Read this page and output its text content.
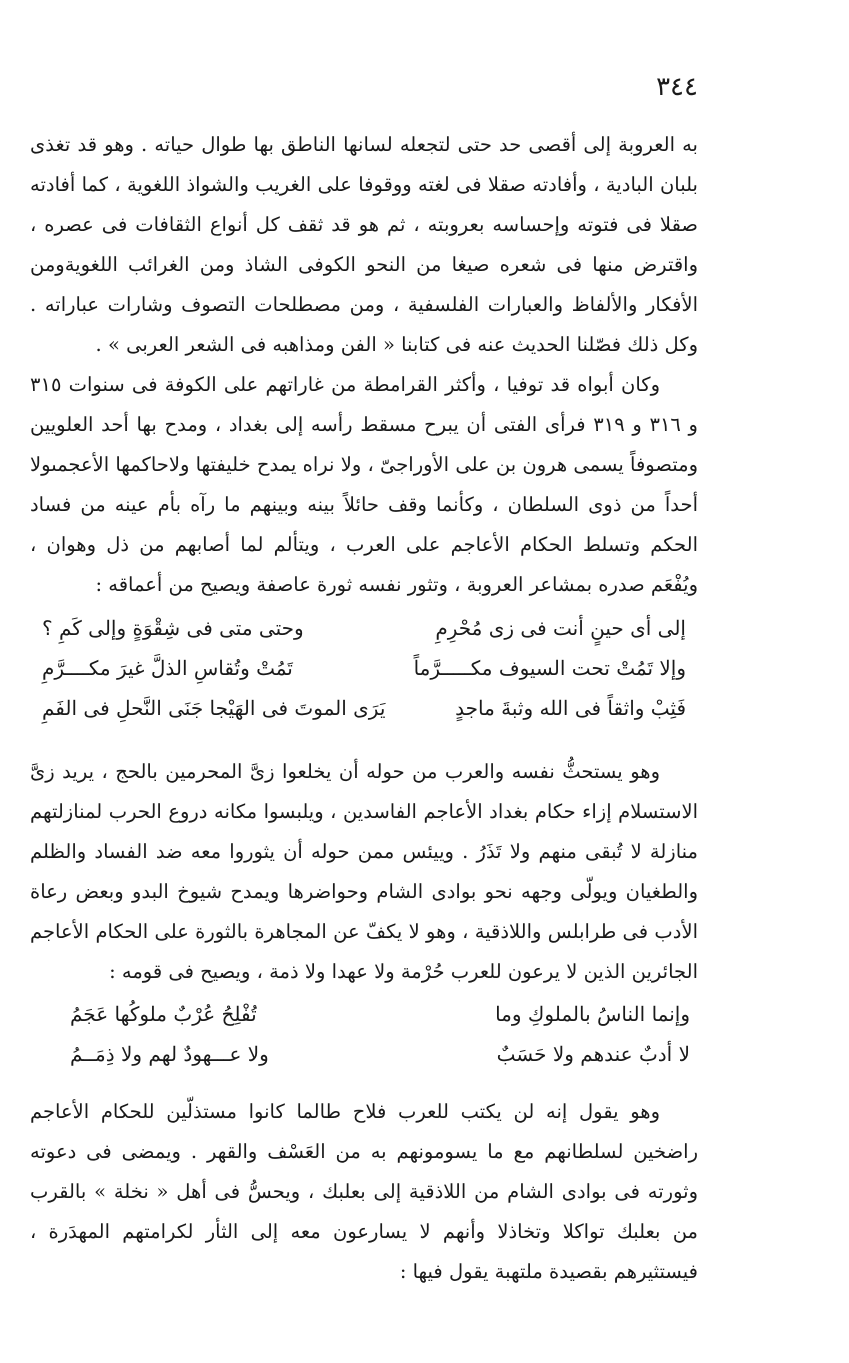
٣٤٤

به العروبة إلى أقصى حد حتى لتجعله لسانها الناطق بها طوال حياته . وهو قد تغذى بلبان البادية ، وأفادته صقلا فى لغته ووقوفا على الغريب والشواذ اللغوية ، كما أفادته صقلا فى فتوته وإحساسه بعروبته ، ثم هو قد ثقف كل أنواع الثقافات فى عصره ، واقترض منها فى شعره صيغا من النحو الكوفى الشاذ ومن الغرائب اللغويةومن الأفكار والألفاظ والعبارات الفلسفية ، ومن مصطلحات التصوف وشارات عباراته . وكل ذلك فصّلنا الحديث عنه فى كتابنا « الفن ومذاهبه فى الشعر العربى » .

وكان أبواه قد توفيا ، وأكثر القرامطة من غاراتهم على الكوفة فى سنوات ٣١٥ و ٣١٦ و ٣١٩ فرأى الفتى أن يبرح مسقط رأسه إلى بغداد ، ومدح بها أحد العلويين ومتصوفاً يسمى هرون بن على الأوراجىّ ، ولا نراه يمدح خليفتها ولاحاكمها الأعجمىولا أحداً من ذوى السلطان ، وكأنما وقف حائلاً بينه وبينهم ما رآه بأم عينه من فساد الحكم وتسلط الحكام الأعاجم على العرب ، ويتألم لما أصابهم من ذل وهوان ، ويُفْعَم صدره بمشاعر العروبة ، وتثور نفسه ثورة عاصفة ويصيح من أعماقه :

إلى أى حينٍ أنت فى زى مُحْرِمِ
وحتى متى فى شِقْوَةٍ وإلى كَمِ ؟
وإلا تَمُتْ تحت السيوف مكـــــرَّماً
تَمُتْ وتُقاسِ الذلَّ غيرَ مكــــرَّمِ
فَثِبْ واثقاً فى الله وثبةَ ماجدٍ
يَرَى الموتَ فى الهَيْجا جَنَى النَّحلِ فى الفَمِ

وهو يستحثُّ نفسه والعرب من حوله أن يخلعوا زىَّ المحرمين بالحج ، يريد زىَّ الاستسلام إزاء حكام بغداد الأعاجم الفاسدين ، ويلبسوا مكانه دروع الحرب لمنازلتهم منازلة لا تُبقى منهم ولا تَذَرُ . وييئس ممن حوله أن يثوروا معه ضد الفساد والظلم والطغيان ويولّى وجهه نحو بوادى الشام وحواضرها ويمدح شيوخ البدو وبعض رعاة الأدب فى طرابلس واللاذقية ، وهو لا يكفّ عن المجاهرة بالثورة على الحكام الأعاجم الجائرين الذين لا يرعون للعرب حُرْمة ولا عهدا ولا ذمة ، ويصيح فى قومه :

وإنما الناسُ بالملوكِ وما
تُفْلِحُ عُرْبٌ ملوكُها عَجَمُ
لا أدبٌ عندهم ولا حَسَبٌ
ولا عـــهودٌ لهم ولا ذِمَــمُ

وهو يقول إنه لن يكتب للعرب فلاح طالما كانوا مستذلّين للحكام الأعاجم راضخين لسلطانهم مع ما يسومونهم به من العَسْف والقهر . ويمضى فى دعوته وثورته فى بوادى الشام من اللاذقية إلى بعلبك ، ويحسُّ فى أهل « نخلة » بالقرب من بعلبك تواكلا وتخاذلا وأنهم لا يسارعون معه إلى الثأر لكرامتهم المهدَرة ، فيستثيرهم بقصيدة ملتهبة يقول فيها :
